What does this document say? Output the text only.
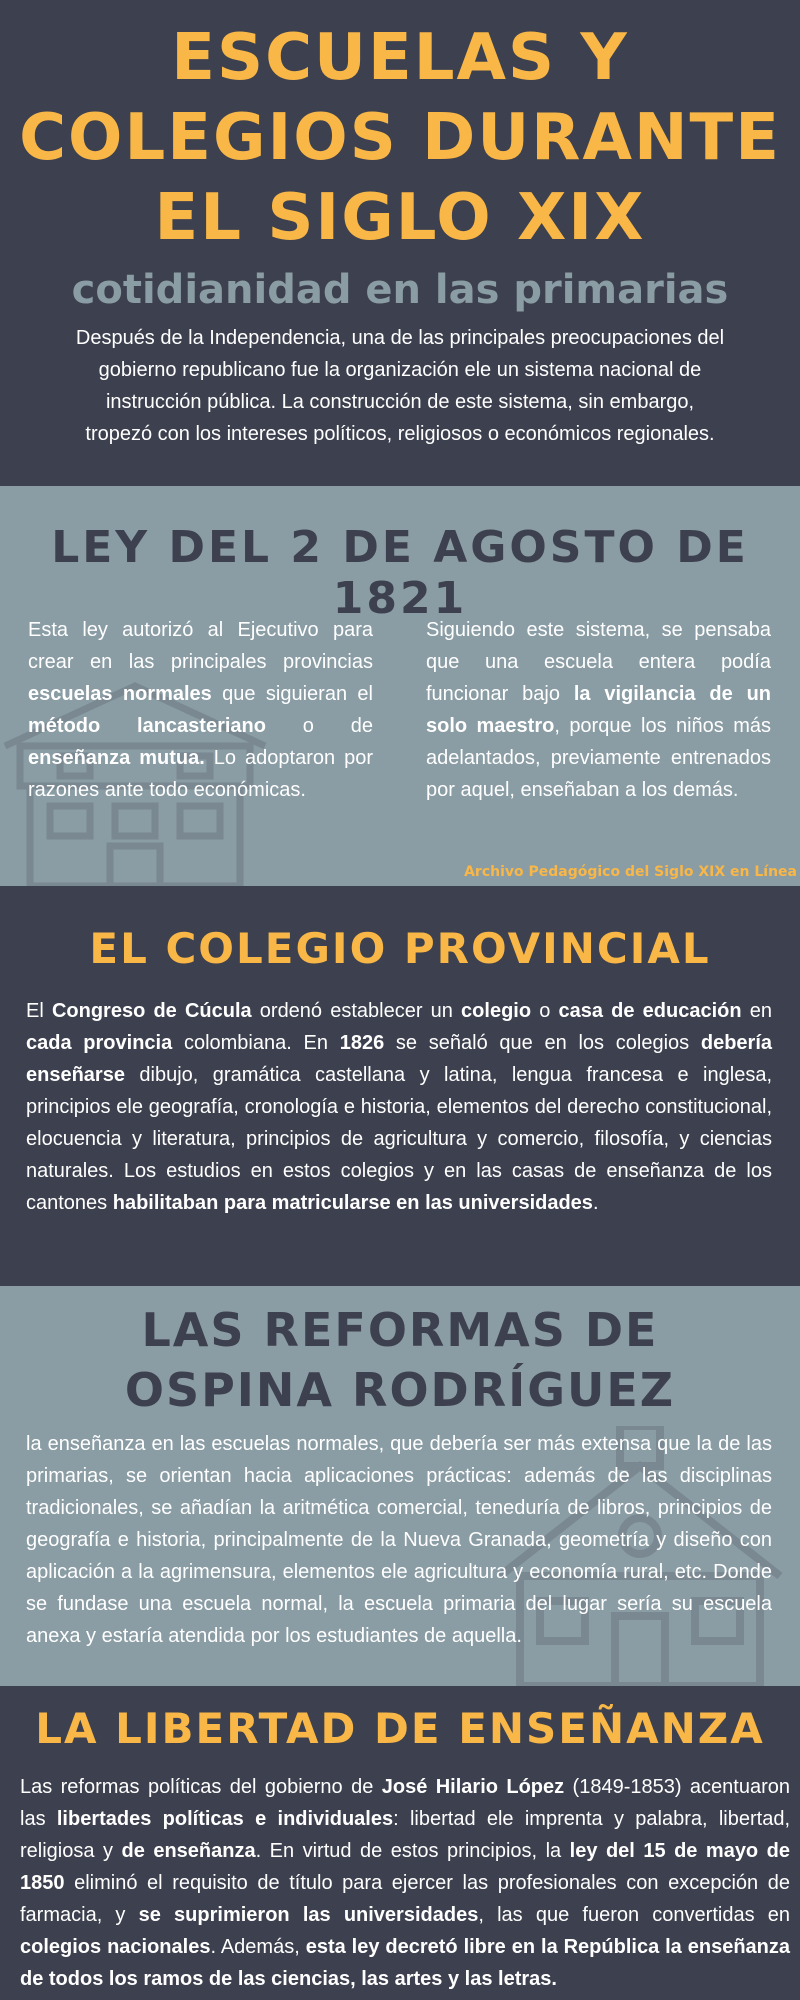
ESCUELAS Y COLEGIOS DURANTE EL SIGLO XIX
cotidianidad en las primarias

Después de la Independencia, una de las principales preocupaciones del gobierno republicano fue la organización ele un sistema nacional de instrucción pública. La construcción de este sistema, sin embargo, tropezó con los intereses políticos, religiosos o económicos regionales.

LEY DEL 2 DE AGOSTO DE 1821

Esta ley autorizó al Ejecutivo para crear en las principales provincias escuelas normales que siguieran el método lancasteriano o de enseñanza mutua. Lo adoptaron por razones ante todo económicas.

Siguiendo este sistema, se pensaba que una escuela entera podía funcionar bajo la vigilancia de un solo maestro, porque los niños más adelantados, previamente entrenados por aquel, enseñaban a los demás.

Archivo Pedagógico del Siglo XIX en Línea

EL COLEGIO PROVINCIAL

El Congreso de Cúcula ordenó establecer un colegio o casa de educación en cada provincia colombiana. En 1826 se señaló que en los colegios debería enseñarse dibujo, gramática castellana y latina, lengua francesa e inglesa, principios ele geografía, cronología e historia, elementos del derecho constitucional, elocuencia y literatura, principios de agricultura y comercio, filosofía, y ciencias naturales. Los estudios en estos colegios y en las casas de enseñanza de los cantones habilitaban para matricularse en las universidades.

LAS REFORMAS DE
OSPINA RODRÍGUEZ

la enseñanza en las escuelas normales, que debería ser más extensa que la de las primarias, se orientan hacia aplicaciones prácticas: además de las disciplinas tradicionales, se añadían la aritmética comercial, teneduría de libros, principios de geografía e historia, principalmente de la Nueva Granada, geometría y diseño con aplicación a la agrimensura, elementos ele agricultura y economía rural, etc. Donde se fundase una escuela normal, la escuela primaria del lugar sería su escuela anexa y estaría atendida por los estudiantes de aquella.

LA LIBERTAD DE ENSEÑANZA

Las reformas políticas del gobierno de José Hilario López (1849-1853) acentuaron las libertades políticas e individuales: libertad ele imprenta y palabra, libertad, religiosa y de enseñanza. En virtud de estos principios, la ley del 15 de mayo de 1850 eliminó el requisito de título para ejercer las profesionales con excepción de farmacia, y se suprimieron las universidades, las que fueron convertidas en colegios nacionales. Además, esta ley decretó libre en la República la enseñanza de todos los ramos de las ciencias, las artes y las letras.
